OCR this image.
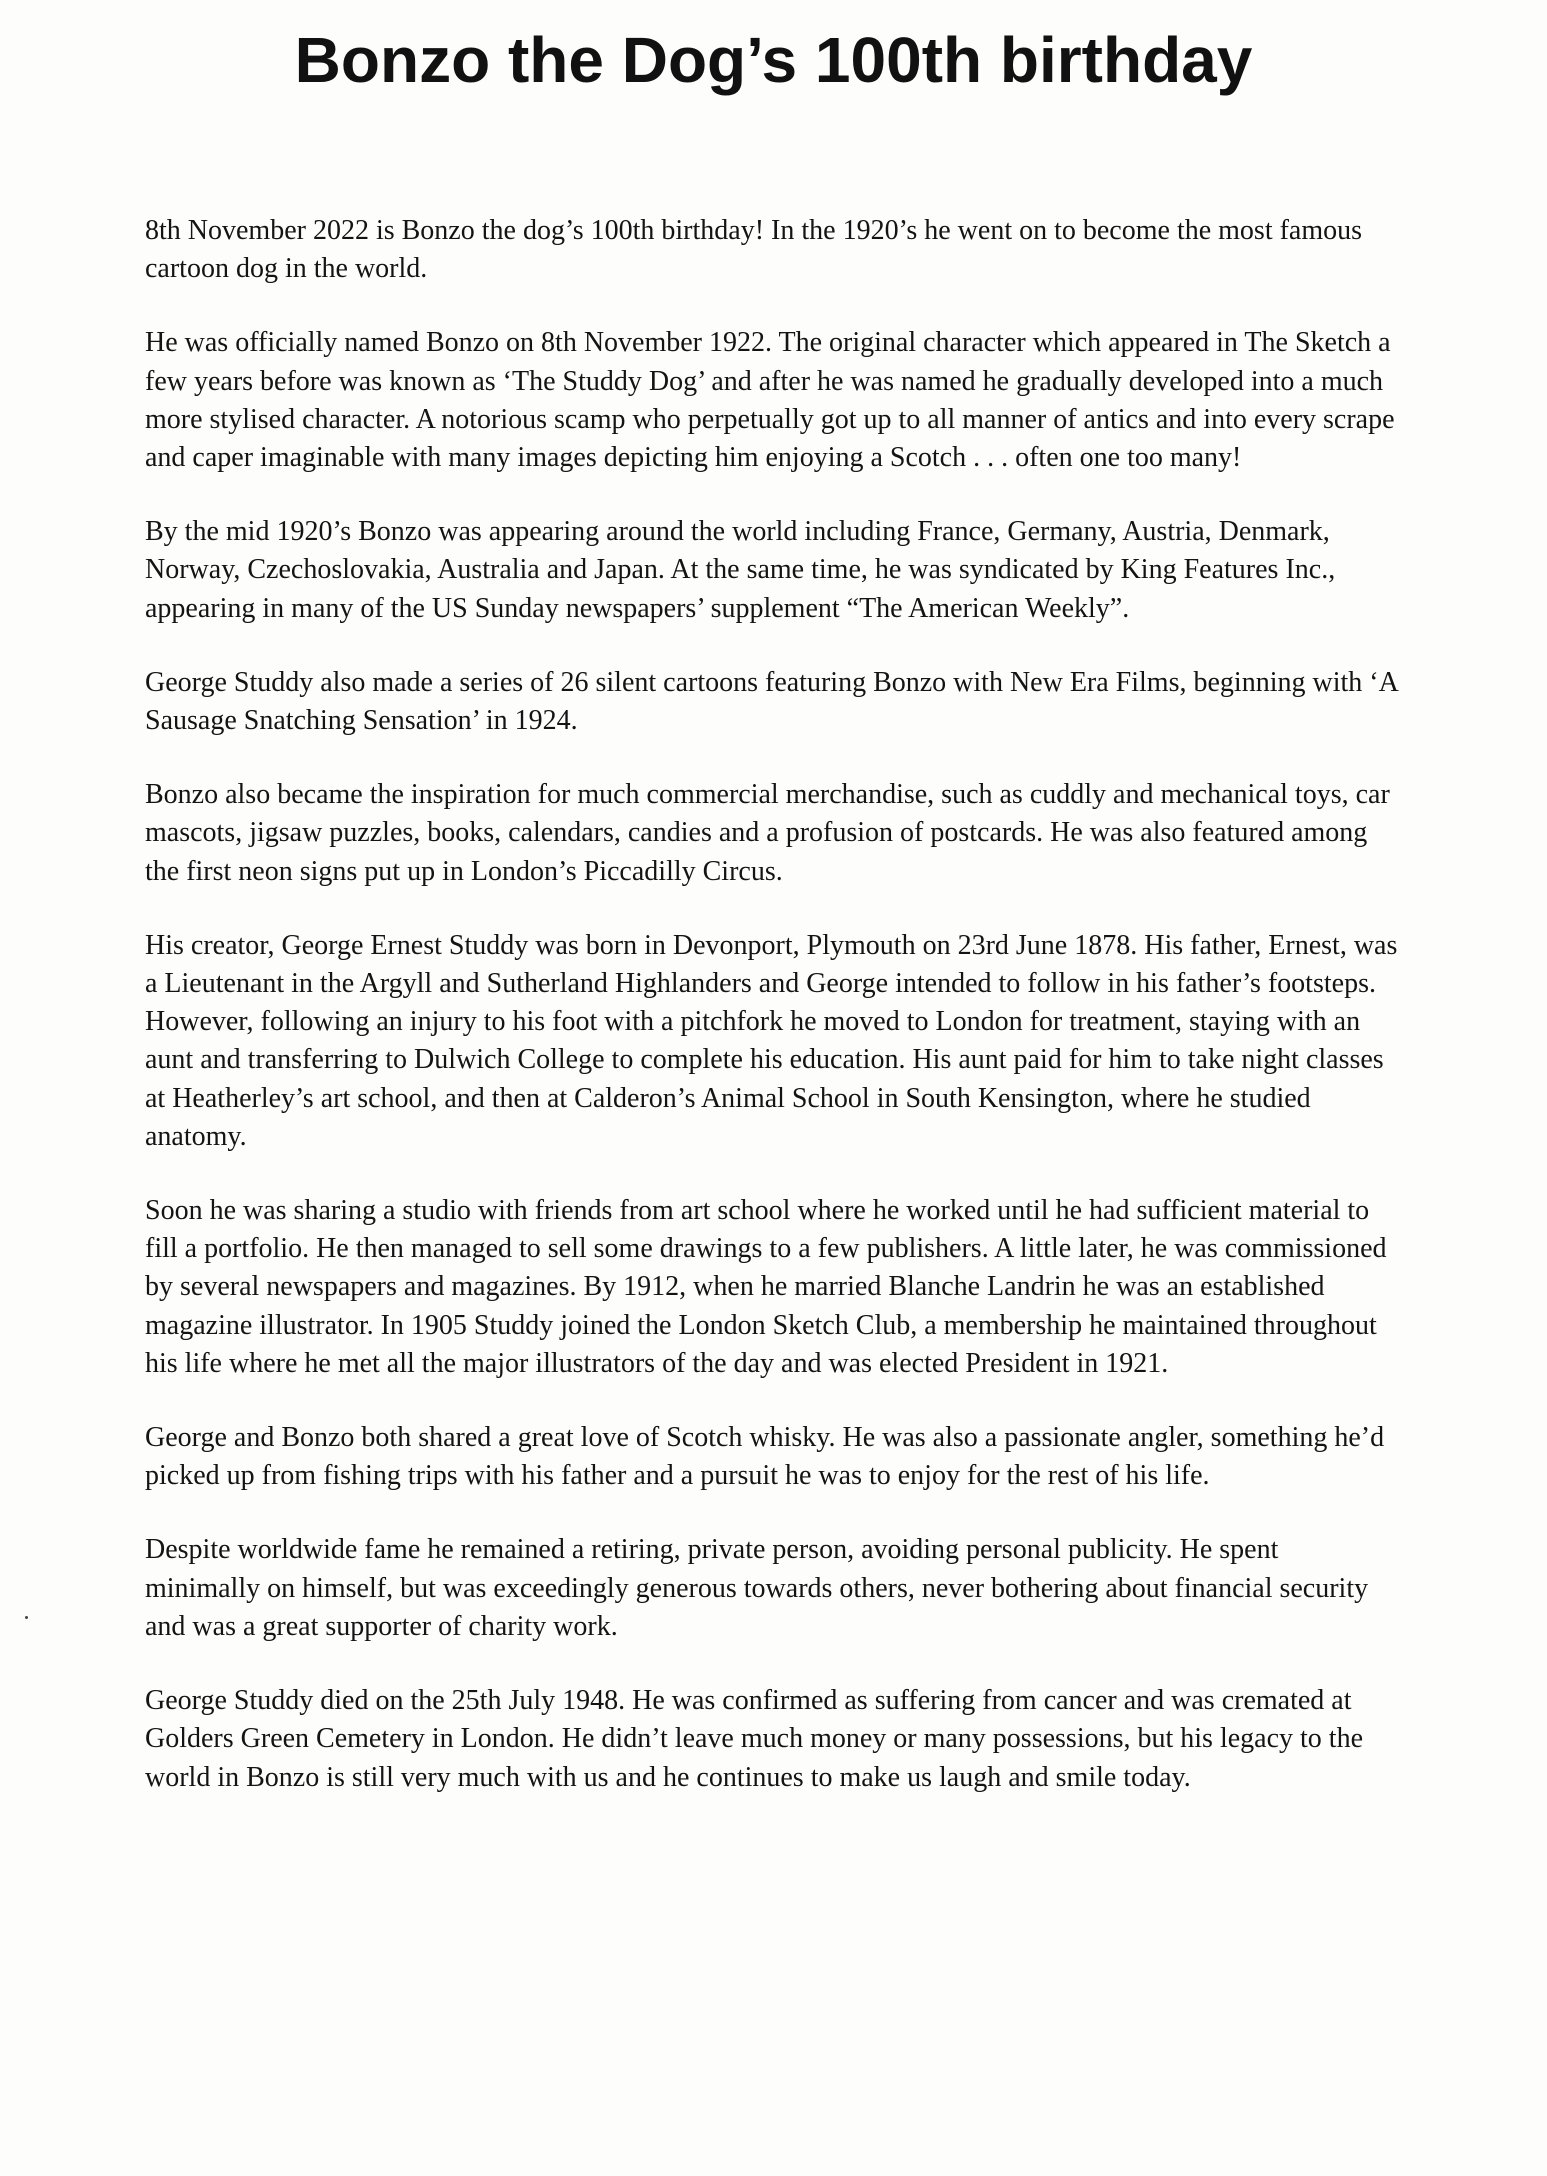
Bonzo the Dog’s 100th birthday

8th November 2022 is Bonzo the dog’s 100th birthday! In the 1920’s he went on to become the most famous cartoon dog in the world.

He was officially named Bonzo on 8th November 1922. The original character which appeared in The Sketch a few years before was known as ‘The Studdy Dog’ and after he was named he gradually developed into a much more stylised character. A notorious scamp who perpetually got up to all manner of antics and into every scrape and caper imaginable with many images depicting him enjoying a Scotch . . . often one too many!

By the mid 1920’s Bonzo was appearing around the world including France, Germany, Austria, Denmark, Norway, Czechoslovakia, Australia and Japan. At the same time, he was syndicated by King Features Inc., appearing in many of the US Sunday newspapers’ supplement “The American Weekly”.

George Studdy also made a series of 26 silent cartoons featuring Bonzo with New Era Films, beginning with ‘A Sausage Snatching Sensation’ in 1924.

Bonzo also became the inspiration for much commercial merchandise, such as cuddly and mechanical toys, car mascots, jigsaw puzzles, books, calendars, candies and a profusion of postcards. He was also featured among the first neon signs put up in London’s Piccadilly Circus.

His creator, George Ernest Studdy was born in Devonport, Plymouth on 23rd June 1878. His father, Ernest, was a Lieutenant in the Argyll and Sutherland Highlanders and George intended to follow in his father’s footsteps. However, following an injury to his foot with a pitchfork he moved to London for treatment, staying with an aunt and transferring to Dulwich College to complete his education. His aunt paid for him to take night classes at Heatherley’s art school, and then at Calderon’s Animal School in South Kensington, where he studied anatomy.

Soon he was sharing a studio with friends from art school where he worked until he had sufficient material to fill a portfolio. He then managed to sell some drawings to a few publishers. A little later, he was commissioned by several newspapers and magazines. By 1912, when he married Blanche Landrin he was an established magazine illustrator. In 1905 Studdy joined the London Sketch Club, a membership he maintained throughout his life where he met all the major illustrators of the day and was elected President in 1921.

George and Bonzo both shared a great love of Scotch whisky. He was also a passionate angler, something he’d picked up from fishing trips with his father and a pursuit he was to enjoy for the rest of his life.

Despite worldwide fame he remained a retiring, private person, avoiding personal publicity. He spent minimally on himself, but was exceedingly generous towards others, never bothering about financial security and was a great supporter of charity work.

George Studdy died on the 25th July 1948. He was confirmed as suffering from cancer and was cremated at Golders Green Cemetery in London. He didn’t leave much money or many possessions, but his legacy to the world in Bonzo is still very much with us and he continues to make us laugh and smile today.
